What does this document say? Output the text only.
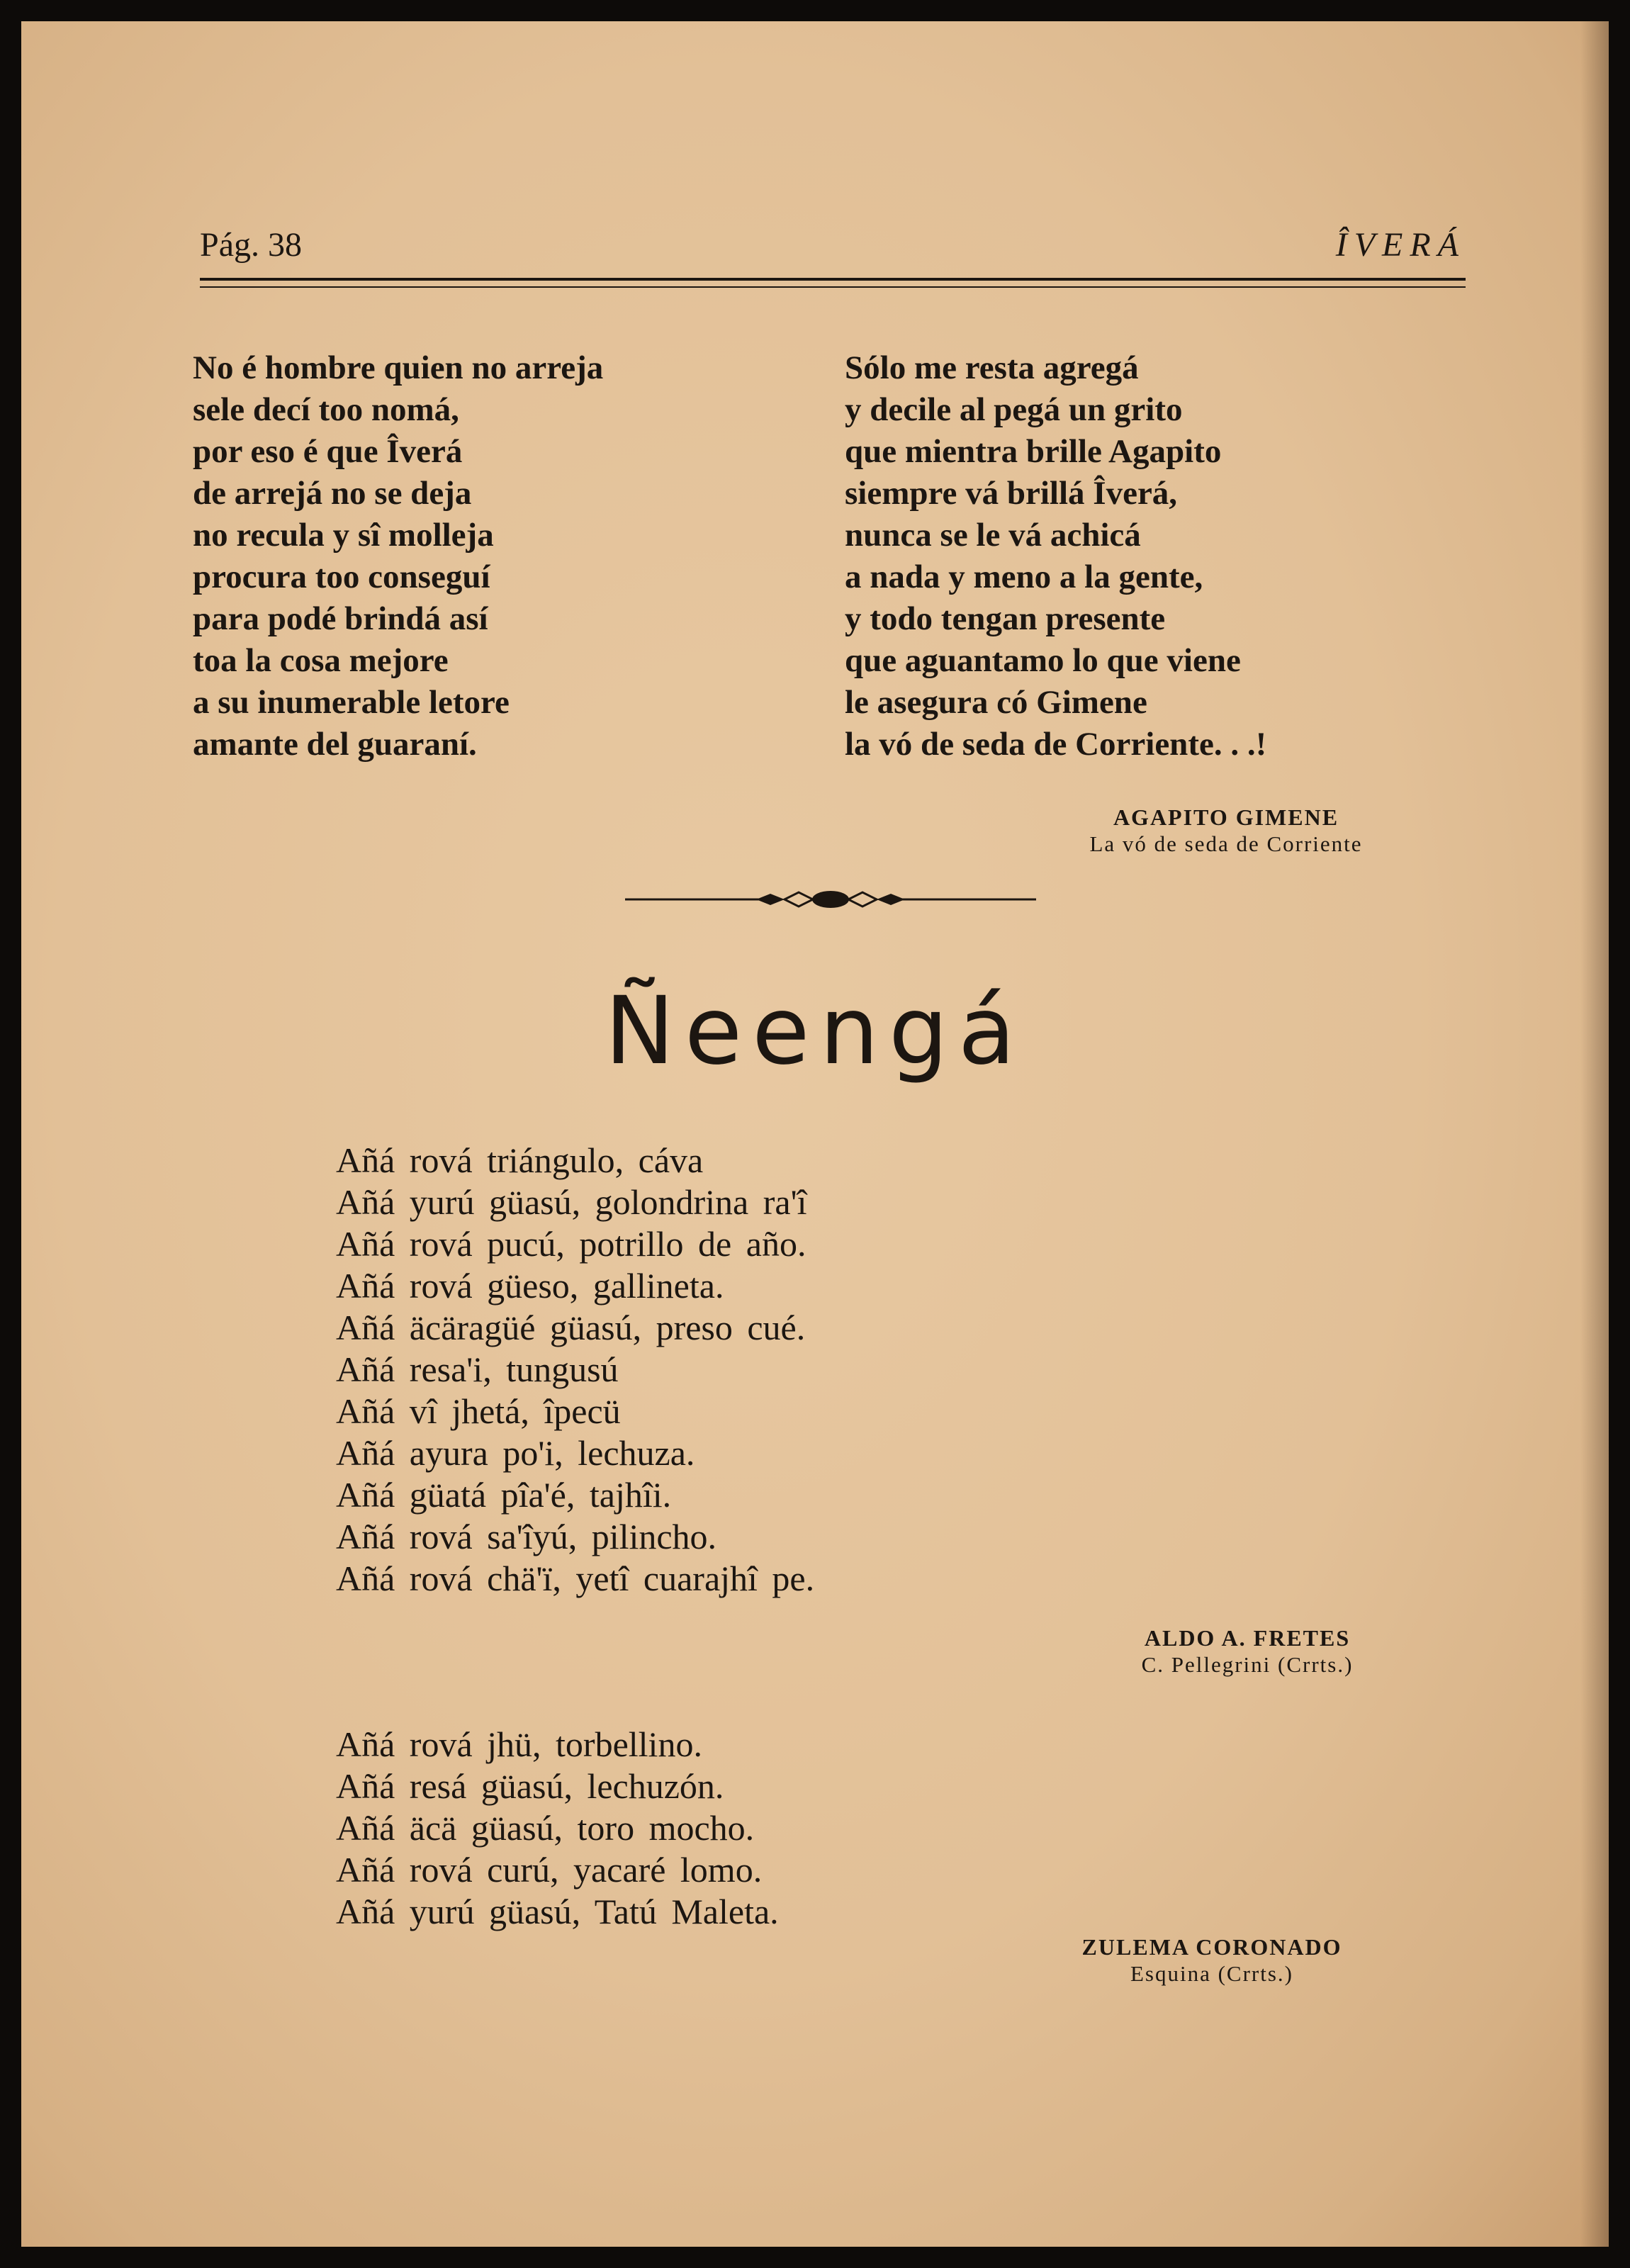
Pág. 38	ÎVERÁ
No é hombre quien no arreja
sele decí too nomá,
por eso é que Îverá
de arrejá no se deja
no recula y sî molleja
procura too conseguí
para podé brindá así
toa la cosa mejore
a su inumerable letore
amante del guaraní.
Sólo me resta agregá
y decile al pegá un grito
que mientra brille Agapito
siempre vá brillá Îverá,
nunca se le vá achicá
a nada y meno a la gente,
y todo tengan presente
que aguantamo lo que viene
le asegura có Gimene
la vó de seda de Corriente. . .!
AGAPITO GIMENE
La vó de seda de Corriente
Ñeengá
Añá rová triángulo, cáva
Añá yurú güasú, golondrina ra'î
Añá rová pucú, potrillo de año.
Añá rová güeso, gallineta.
Añá äcäragüé güasú, preso cué.
Añá resa'i, tungusú
Añá vî jhetá, îpecü
Añá ayura po'i, lechuza.
Añá güatá pîa'é, tajhîi.
Añá rová sa'îyú, pilincho.
Añá rová chä'ï, yetî cuarajhî pe.
ALDO A. FRETES
C. Pellegrini (Crrts.)
Añá rová jhü, torbellino.
Añá resá güasú, lechuzón.
Añá äcä güasú, toro mocho.
Añá rová curú, yacaré lomo.
Añá yurú güasú, Tatú Maleta.
ZULEMA CORONADO
Esquina (Crrts.)
